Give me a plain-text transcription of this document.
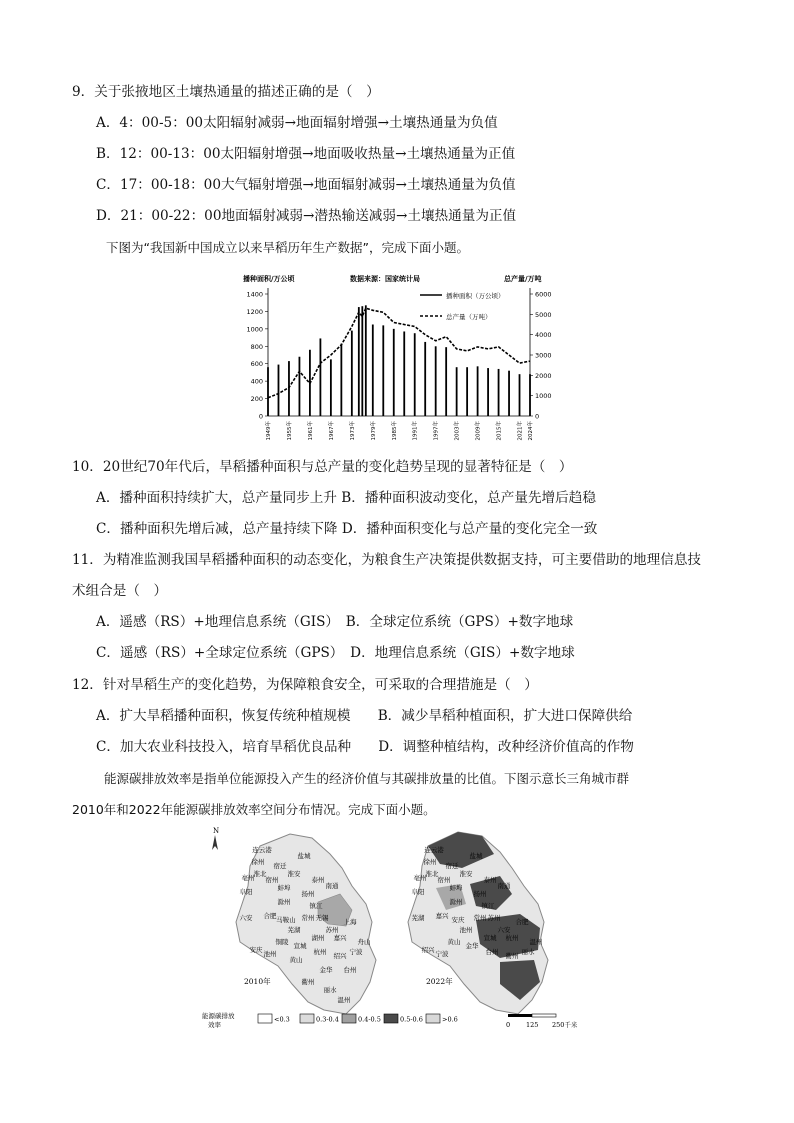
9．关于张掖地区土壤热通量的描述正确的是（　）
A．4：00-5：00太阳辐射减弱→地面辐射增强→土壤热通量为负值
B．12：00-13：00太阳辐射增强→地面吸收热量→土壤热通量为正值
C．17：00-18：00大气辐射增强→地面辐射减弱→土壤热通量为负值
D．21：00-22：00地面辐射减弱→潜热输送减弱→土壤热通量为正值
下图为“我国新中国成立以来旱稻历年生产数据”，完成下面小题。
播种面积/万公顷	数据来源：国家统计局	总产量/万吨
0
200
400
600
800
1000
1200
1400
0
1000
2000
3000
4000
5000
6000
1949年	1955年	1961年	1967年	1973年	1979年	1985年	1991年	1997年	2003年	2009年	2015年	2021年 2024年
播种面积（万公顷）
总产量（万吨）
10．20世纪70年代后，旱稻播种面积与总产量的变化趋势呈现的显著特征是（　）
A．播种面积持续扩大，总产量同步上升 B．播种面积波动变化，总产量先增后趋稳
C．播种面积先增后减，总产量持续下降 D．播种面积变化与总产量的变化完全一致
11．为精准监测我国旱稻播种面积的动态变化，为粮食生产决策提供数据支持，可主要借助的地理信息技
术组合是（　）
A．遥感（RS）+地理信息系统（GIS）　B．全球定位系统（GPS）+数字地球
C．遥感（RS）+全球定位系统（GPS）　D．地理信息系统（GIS）+数字地球
12．针对旱稻生产的变化趋势，为保障粮食安全，可采取的合理措施是（　）
A．扩大旱稻播种面积，恢复传统种植规模　　B．减少旱稻种植面积，扩大进口保障供给
C．加大农业科技投入，培育旱稻优良品种　　D．调整种植结构，改种经济价值高的作物
能源碳排放效率是指单位能源投入产生的经济价值与其碳排放量的比值。下图示意长三角城市群
2010年和2022年能源碳排放效率空间分布情况。完成下面小题。
N
连云港
徐州
盐城
宿迁
淮安
亳州 淮北
宿州
蚌埠
泰州
南通
阜阳
滁州
扬州
镇江
常州 无锡
苏州
上海
六安 合肥 马鞍山
芜湖
湖州 嘉兴
安庆 池州
铜陵 宣城
杭州 绍兴 宁波
舟山
黄山
金华 台州
衢州
丽水
温州
2010年
连云港
徐州
盐城
宿迁
淮安
亳州 淮北
宿州
蚌埠
泰州
南通
阜阳
滁州
扬州
镇江
常州 苏州
六安
合肥
芜湖 嘉兴 安庆
池州
宣城 杭州
绍兴 宁波
黄山 金华
台州 衢州 丽水
温州
2022年
能源碳排放
效率
<0.3	0.3-0.4	0.4-0.5	0.5-0.6	>0.6
0 125 250千米
